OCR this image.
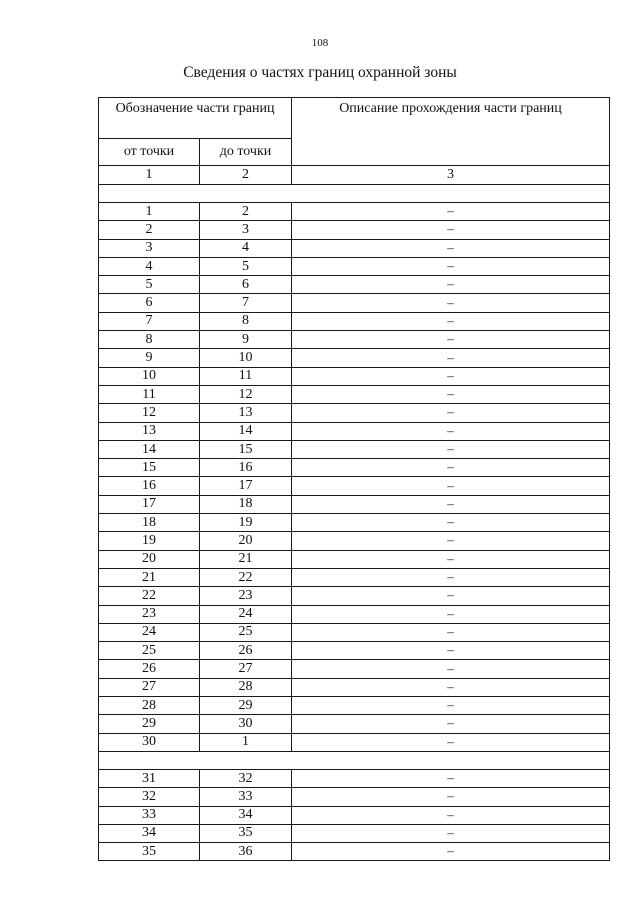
108
Сведения о частях границ охранной зоны
Обозначение части границ		Описание прохождения части границ
от точки	до точки	
1	2	3

1	2	–
2	3	–
3	4	–
4	5	–
5	6	–
6	7	–
7	8	–
8	9	–
9	10	–
10	11	–
11	12	–
12	13	–
13	14	–
14	15	–
15	16	–
16	17	–
17	18	–
18	19	–
19	20	–
20	21	–
21	22	–
22	23	–
23	24	–
24	25	–
25	26	–
26	27	–
27	28	–
28	29	–
29	30	–
30	1	–

31	32	–
32	33	–
33	34	–
34	35	–
35	36	–
